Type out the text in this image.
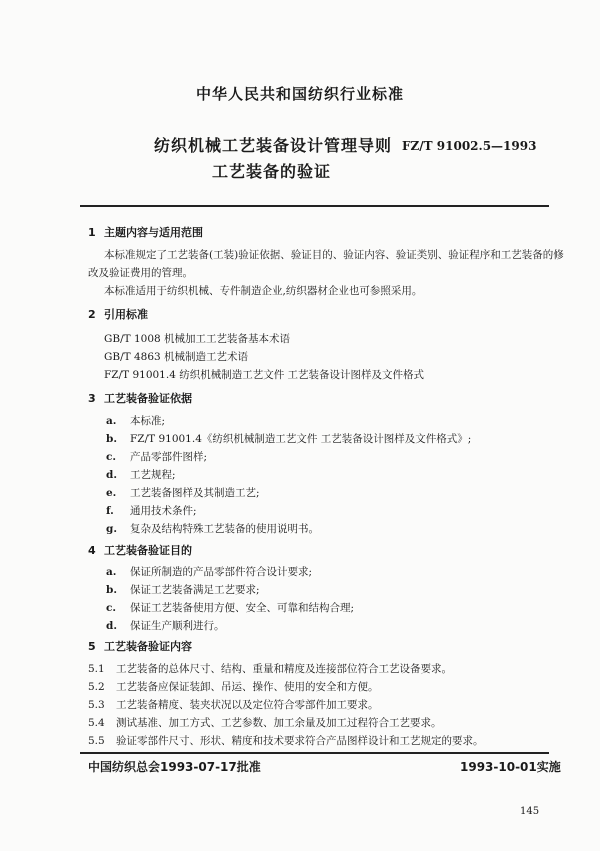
中华人民共和国纺织行业标准
纺织机械工艺装备设计管理导则
工艺装备的验证
FZ/T 91002.5—1993
1 主题内容与适用范围
本标准规定了工艺装备(工装)验证依据、验证目的、验证内容、验证类别、验证程序和工艺装备的修
改及验证费用的管理。
本标准适用于纺织机械、专件制造企业,纺织器材企业也可参照采用。
2 引用标准
GB/T 1008 机械加工工艺装备基本术语
GB/T 4863 机械制造工艺术语
FZ/T 91001.4 纺织机械制造工艺文件 工艺装备设计图样及文件格式
3 工艺装备验证依据
a. 本标准;
b. FZ/T 91001.4《纺织机械制造工艺文件 工艺装备设计图样及文件格式》;
c. 产品零部件图样;
d. 工艺规程;
e. 工艺装备图样及其制造工艺;
f. 通用技术条件;
g. 复杂及结构特殊工艺装备的使用说明书。
4 工艺装备验证目的
a. 保证所制造的产品零部件符合设计要求;
b. 保证工艺装备满足工艺要求;
c. 保证工艺装备使用方便、安全、可靠和结构合理;
d. 保证生产顺利进行。
5 工艺装备验证内容
5.1 工艺装备的总体尺寸、结构、重量和精度及连接部位符合工艺设备要求。
5.2 工艺装备应保证装卸、吊运、操作、使用的安全和方便。
5.3 工艺装备精度、装夹状况以及定位符合零部件加工要求。
5.4 测试基准、加工方式、工艺参数、加工余量及加工过程符合工艺要求。
5.5 验证零部件尺寸、形状、精度和技术要求符合产品图样设计和工艺规定的要求。
中国纺织总会1993-07-17批准	1993-10-01实施
145
